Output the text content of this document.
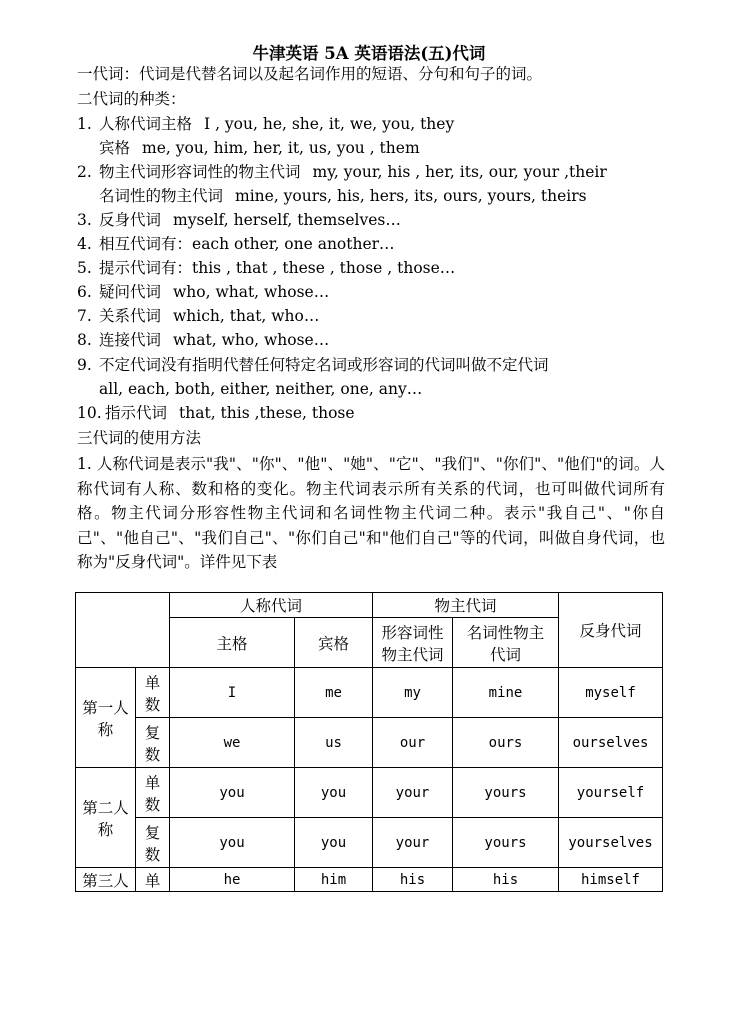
牛津英语 5A 英语语法(五)代词
一代词：代词是代替名词以及起名词作用的短语、分句和句子的词。
二代词的种类：
1. 人称代词主格 I , you, he, she, it, we, you, they
宾格 me, you, him, her, it, us, you , them
2. 物主代词形容词性的物主代词 my, your, his , her, its, our, your ,their
名词性的物主代词 mine, yours, his, hers, its, ours, yours, theirs
3. 反身代词 myself, herself, themselves…
4. 相互代词有：each other, one another…
5. 提示代词有：this , that , these , those , those…
6. 疑问代词 who, what, whose…
7. 关系代词 which, that, who…
8. 连接代词 what, who, whose…
9. 不定代词没有指明代替任何特定名词或形容词的代词叫做不定代词
all, each, both, either, neither, one, any…
10. 指示代词 that, this ,these, those
三代词的使用方法
1. 人称代词是表示"我"、"你"、"他"、"她"、"它"、"我们"、"你们"、"他们"的词。人称代词有人称、数和格的变化。物主代词表示所有关系的代词，也可叫做代词所有格。物主代词分形容性物主代词和名词性物主代词二种。表示"我自己"、"你自己"、"他自己"、"我们自己"、"你们自己"和"他们自己"等的代词，叫做自身代词，也称为"反身代词"。详件见下表
		人称代词		物主代词		反身代词
		主格	宾格	形容词性物主代词	名词性物主代词	
第一人称	单数	I	me	my	mine	myself
	复数	we	us	our	ours	ourselves
第二人称	单数	you	you	your	yours	yourself
	复数	you	you	your	yours	yourselves
第三人	单	he	him	his	his	himself
